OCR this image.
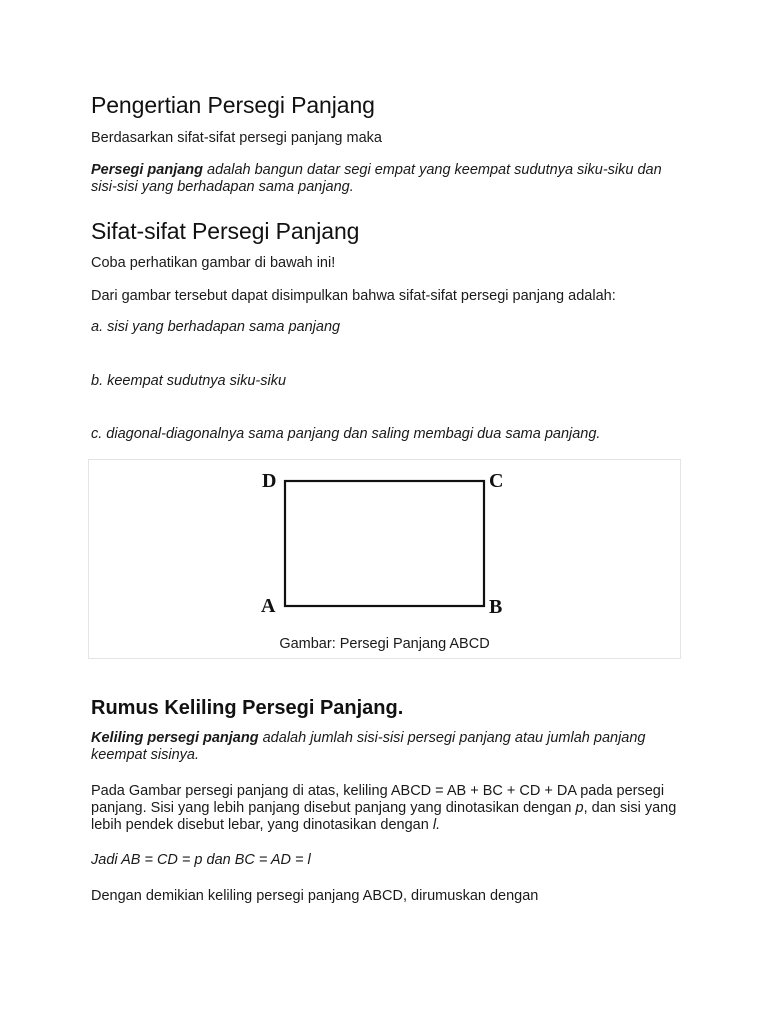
Pengertian Persegi Panjang

Berdasarkan sifat-sifat persegi panjang maka

Persegi panjang adalah bangun datar segi empat yang keempat sudutnya siku-siku dan sisi-sisi yang berhadapan sama panjang.

Sifat-sifat Persegi Panjang

Coba perhatikan gambar di bawah ini!

Dari gambar tersebut dapat disimpulkan bahwa sifat-sifat persegi panjang adalah:

a. sisi yang berhadapan sama panjang

b. keempat sudutnya siku-siku

c. diagonal-diagonalnya sama panjang dan saling membagi dua sama panjang.

D	C
A	B
Gambar: Persegi Panjang ABCD
Rumus Keliling Persegi Panjang.

Keliling persegi panjang adalah jumlah sisi-sisi persegi panjang atau jumlah panjang keempat sisinya.

Pada Gambar persegi panjang di atas, keliling ABCD = AB + BC + CD + DA pada persegi panjang. Sisi yang lebih panjang disebut panjang yang dinotasikan dengan p, dan sisi yang lebih pendek disebut lebar, yang dinotasikan dengan l.

Jadi AB = CD = p dan BC = AD = l

Dengan demikian keliling persegi panjang ABCD, dirumuskan dengan
